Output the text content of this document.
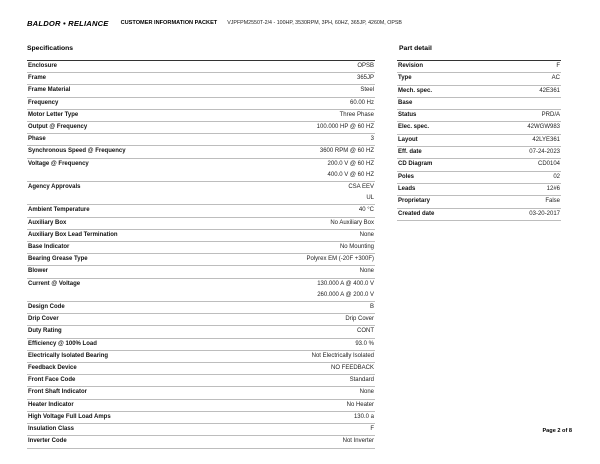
BALDOR • RELIANCE CUSTOMER INFORMATION PACKET VJPFPM2550T-2/4 - 100HP, 3530RPM, 3PH, 60HZ, 365JP, 4260M, OPSB
Specifications
Enclosure	OPSB
Frame	365JP
Frame Material	Steel
Frequency	60.00 Hz
Motor Letter Type	Three Phase
Output @ Frequency	100.000 HP @ 60 HZ
Phase	3
Synchronous Speed @ Frequency	3600 RPM @ 60 HZ
Voltage @ Frequency	200.0 V @ 60 HZ
400.0 V @ 60 HZ
Agency Approvals	CSA EEV
UL
Ambient Temperature	40 °C
Auxiliary Box	No Auxiliary Box
Auxiliary Box Lead Termination	None
Base Indicator	No Mounting
Bearing Grease Type	Polyrex EM (-20F +300F)
Blower	None
Current @ Voltage	130.000 A @ 400.0 V
260.000 A @ 200.0 V
Design Code	B
Drip Cover	Drip Cover
Duty Rating	CONT
Efficiency @ 100% Load	93.0 %
Electrically Isolated Bearing	Not Electrically Isolated
Feedback Device	NO FEEDBACK
Front Face Code	Standard
Front Shaft Indicator	None
Heater Indicator	No Heater
High Voltage Full Load Amps	130.0 a
Insulation Class	F
Inverter Code	Not Inverter
Part detail
Revision	F
Type	AC
Mech. spec.	42E361
Base
Status	PRD/A
Elec. spec.	42WGW983
Layout	42LYE361
Eff. date	07-24-2023
CD Diagram	CD0104
Poles	02
Leads	12#6
Proprietary	False
Created date	03-20-2017
Page 2 of 8
